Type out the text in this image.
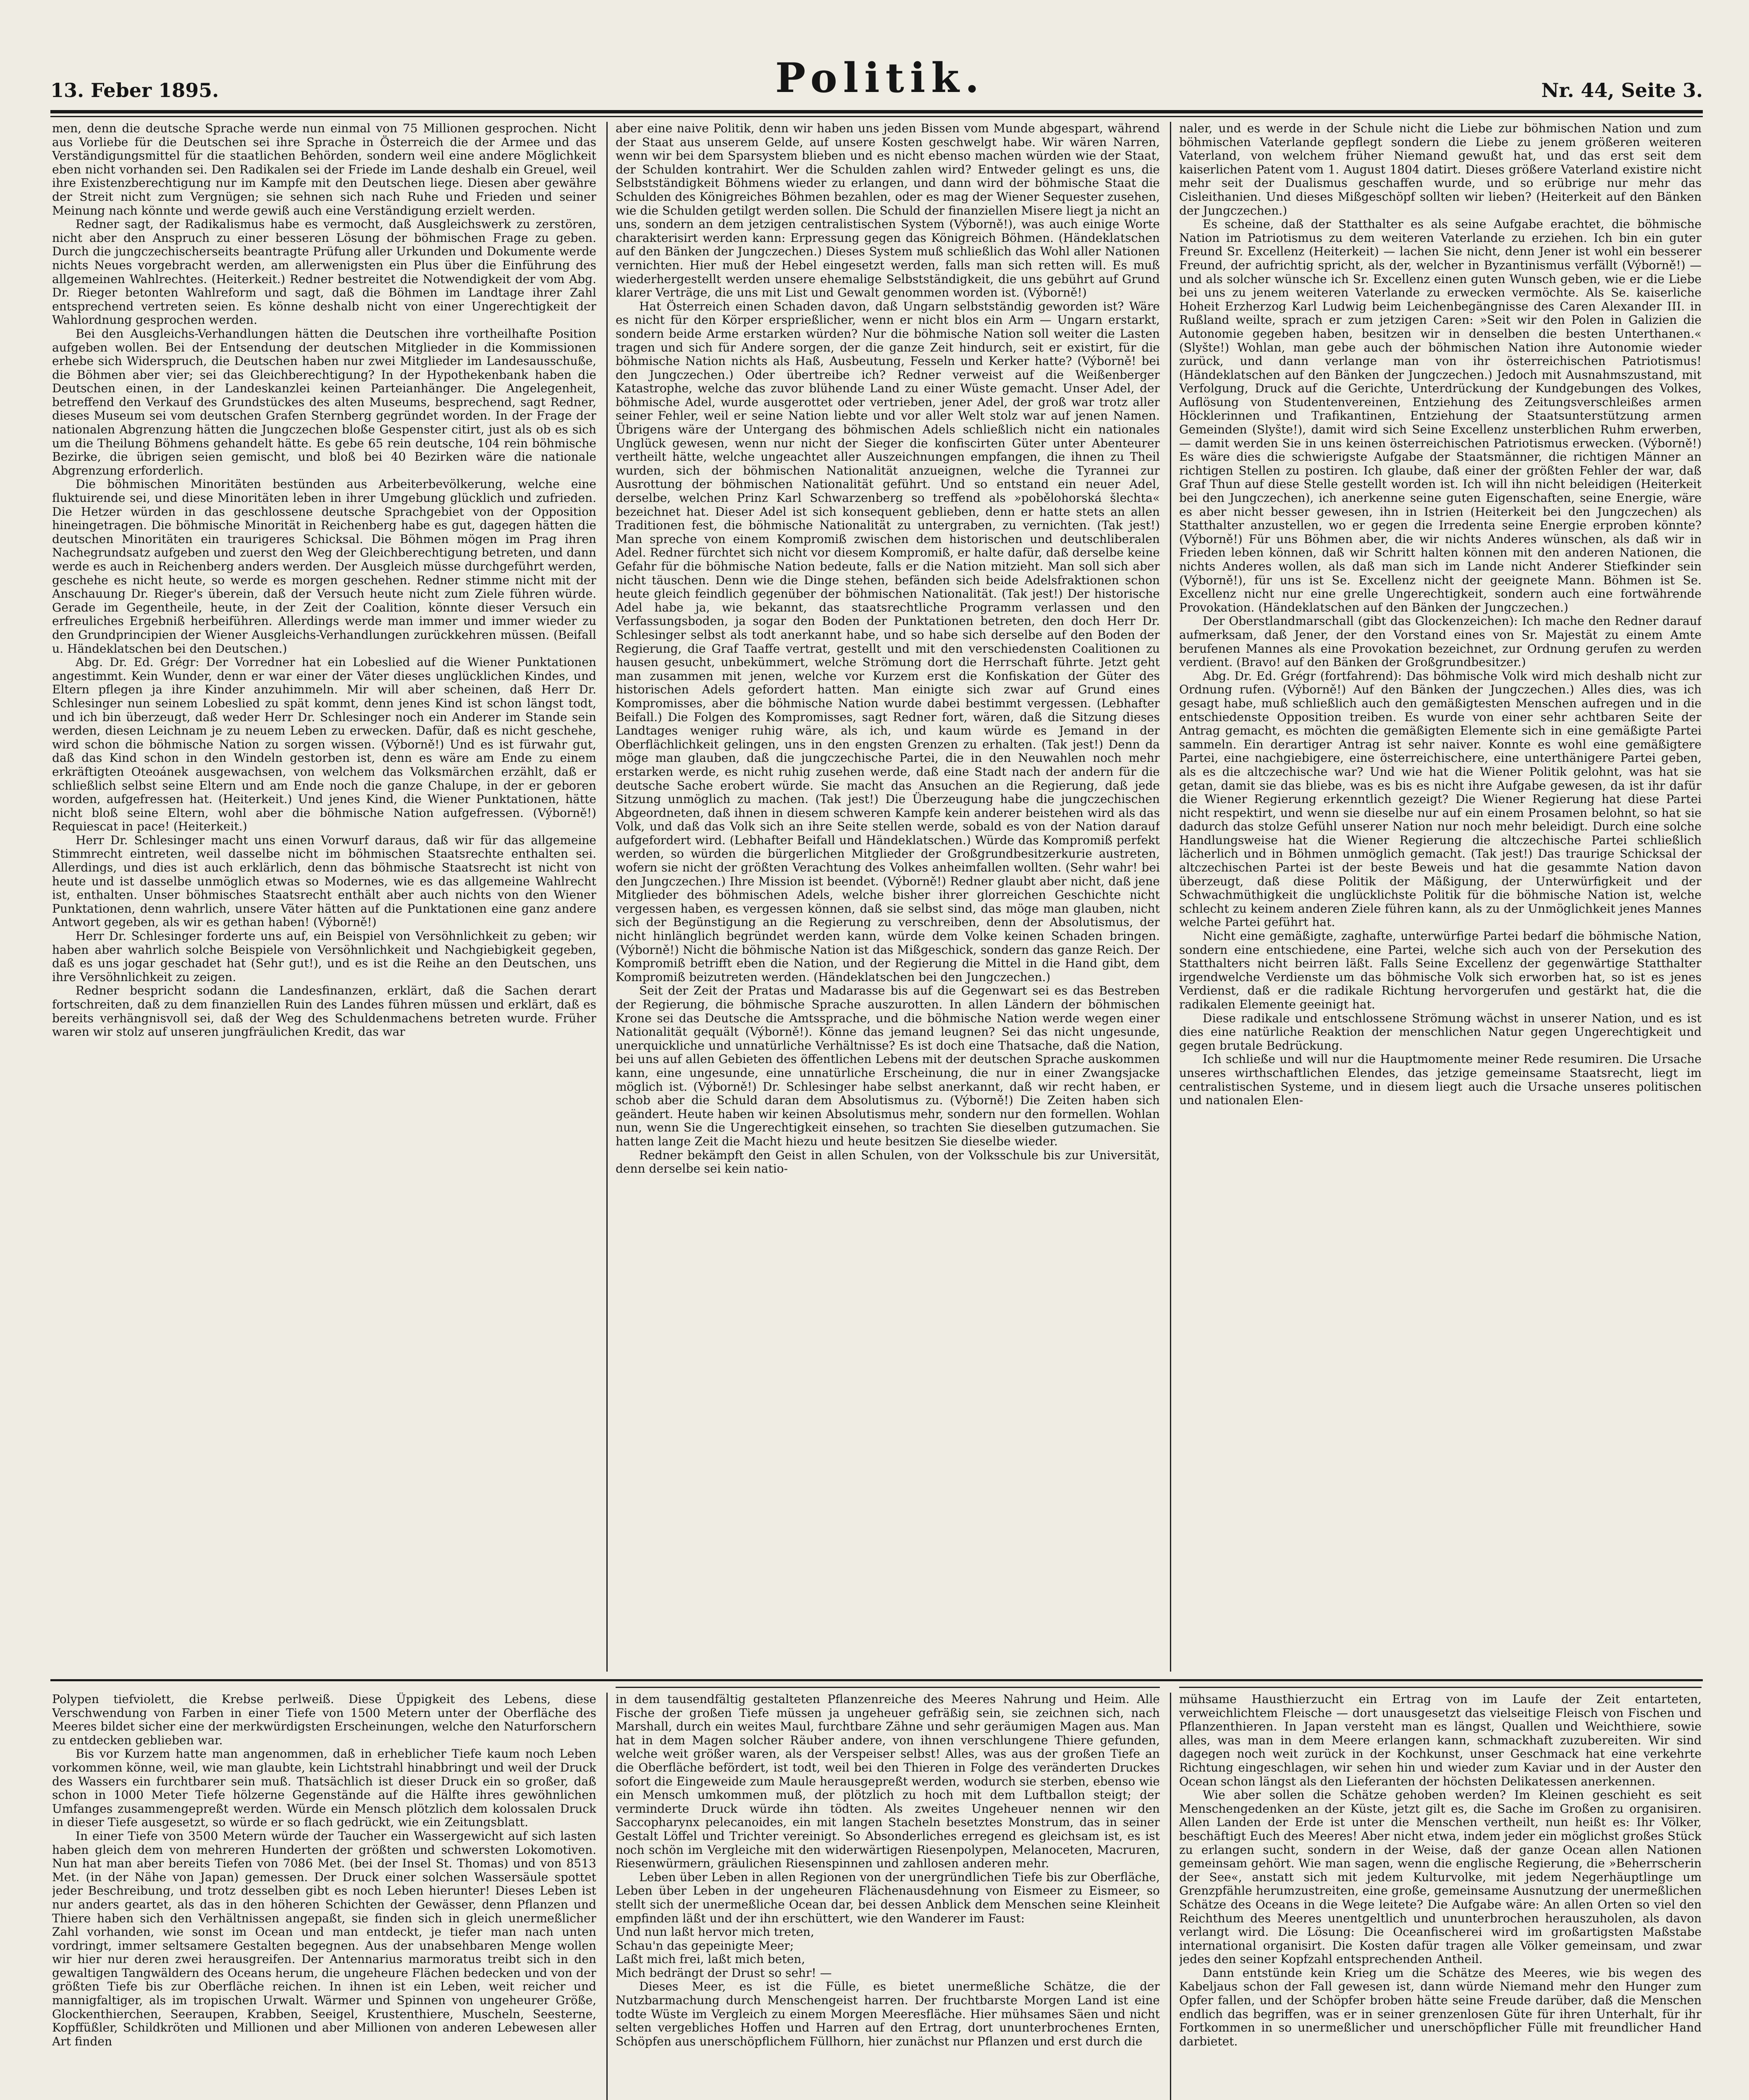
13. Feber 1895.	Politik.	Nr. 44, Seite 3.

men, denn die deutsche Sprache werde nun einmal von 75 Millionen gesprochen. Nicht aus Vorliebe für die Deutschen sei ihre Sprache in Österreich die der Armee und das Verständigungsmittel für die staatlichen Behörden, sondern weil eine andere Möglichkeit eben nicht vorhanden sei. Den Radikalen sei der Friede im Lande deshalb ein Greuel, weil ihre Existenzberechtigung nur im Kampfe mit den Deutschen liege. Diesen aber gewähre der Streit nicht zum Vergnügen; sie sehnen sich nach Ruhe und Frieden und seiner Meinung nach könnte und werde gewiß auch eine Verständigung erzielt werden.

Redner sagt, der Radikalismus habe es vermocht, daß Ausgleichswerk zu zerstören, nicht aber den Anspruch zu einer besseren Lösung der böhmischen Frage zu geben. Durch die jungczechischerseits beantragte Prüfung aller Urkunden und Dokumente werde nichts Neues vorgebracht werden, am allerwenigsten ein Plus über die Einführung des allgemeinen Wahlrechtes. (Heiterkeit.) Redner bestreitet die Notwendigkeit der vom Abg. Dr. Rieger betonten Wahlreform und sagt, daß die Böhmen im Landtage ihrer Zahl entsprechend vertreten seien. Es könne deshalb nicht von einer Ungerechtigkeit der Wahlordnung gesprochen werden.

Bei den Ausgleichs-Verhandlungen hätten die Deutschen ihre vortheilhafte Position aufgeben wollen. Bei der Entsendung der deutschen Mitglieder in die Kommissionen erhebe sich Widerspruch, die Deutschen haben nur zwei Mitglieder im Landesausschuße, die Böhmen aber vier; sei das Gleichberechtigung? In der Hypothekenbank haben die Deutschen einen, in der Landeskanzlei keinen Parteianhänger. Die Angelegenheit, betreffend den Verkauf des Grundstückes des alten Museums, besprechend, sagt Redner, dieses Museum sei vom deutschen Grafen Sternberg gegründet worden. In der Frage der nationalen Abgrenzung hätten die Jungczechen bloße Gespenster citirt, just als ob es sich um die Theilung Böhmens gehandelt hätte. Es gebe 65 rein deutsche, 104 rein böhmische Bezirke, die übrigen seien gemischt, und bloß bei 40 Bezirken wäre die nationale Abgrenzung erforderlich.

Die böhmischen Minoritäten bestünden aus Arbeiterbevölkerung, welche eine fluktuirende sei, und diese Minoritäten leben in ihrer Umgebung glücklich und zufrieden. Die Hetzer würden in das geschlossene deutsche Sprachgebiet von der Opposition hineingetragen. Die böhmische Minorität in Reichenberg habe es gut, dagegen hätten die deutschen Minoritäten ein traurigeres Schicksal. Die Böhmen mögen im Prag ihren Nachegrundsatz aufgeben und zuerst den Weg der Gleichberechtigung betreten, und dann werde es auch in Reichenberg anders werden. Der Ausgleich müsse durchgeführt werden, geschehe es nicht heute, so werde es morgen geschehen. Redner stimme nicht mit der Anschauung Dr. Rieger's überein, daß der Versuch heute nicht zum Ziele führen würde. Gerade im Gegentheile, heute, in der Zeit der Coalition, könnte dieser Versuch ein erfreuliches Ergebniß herbeiführen. Allerdings werde man immer und immer wieder zu den Grundprincipien der Wiener Ausgleichs-Verhandlungen zurückkehren müssen. (Beifall u. Händeklatschen bei den Deutschen.)

Abg. Dr. Ed. Grégr: Der Vorredner hat ein Lobeslied auf die Wiener Punktationen angestimmt. Kein Wunder, denn er war einer der Väter dieses unglücklichen Kindes, und Eltern pflegen ja ihre Kinder anzuhimmeln. Mir will aber scheinen, daß Herr Dr. Schlesinger nun seinem Lobeslied zu spät kommt, denn jenes Kind ist schon längst todt, und ich bin überzeugt, daß weder Herr Dr. Schlesinger noch ein Anderer im Stande sein werden, diesen Leichnam je zu neuem Leben zu erwecken. Dafür, daß es nicht geschehe, wird schon die böhmische Nation zu sorgen wissen. (Výborně!) Und es ist fürwahr gut, daß das Kind schon in den Windeln gestorben ist, denn es wäre am Ende zu einem erkräftigten Oteoánek ausgewachsen, von welchem das Volksmärchen erzählt, daß er schließlich selbst seine Eltern und am Ende noch die ganze Chalupe, in der er geboren worden, aufgefressen hat. (Heiterkeit.) Und jenes Kind, die Wiener Punktationen, hätte nicht bloß seine Eltern, wohl aber die böhmische Nation aufgefressen. (Výborně!) Requiescat in pace! (Heiterkeit.)

Herr Dr. Schlesinger macht uns einen Vorwurf daraus, daß wir für das allgemeine Stimmrecht eintreten, weil dasselbe nicht im böhmischen Staatsrechte enthalten sei. Allerdings, und dies ist auch erklärlich, denn das böhmische Staatsrecht ist nicht von heute und ist dasselbe unmöglich etwas so Modernes, wie es das allgemeine Wahlrecht ist, enthalten. Unser böhmisches Staatsrecht enthält aber auch nichts von den Wiener Punktationen, denn wahrlich, unsere Väter hätten auf die Punktationen eine ganz andere Antwort gegeben, als wir es gethan haben! (Výborně!)

Herr Dr. Schlesinger forderte uns auf, ein Beispiel von Versöhnlichkeit zu geben; wir haben aber wahrlich solche Beispiele von Versöhnlichkeit und Nachgiebigkeit gegeben, daß es uns jogar geschadet hat (Sehr gut!), und es ist die Reihe an den Deutschen, uns ihre Versöhnlichkeit zu zeigen.

Redner bespricht sodann die Landesfinanzen, erklärt, daß die Sachen derart fortschreiten, daß zu dem finanziellen Ruin des Landes führen müssen und erklärt, daß es bereits verhängnisvoll sei, daß der Weg des Schuldenmachens betreten wurde. Früher waren wir stolz auf unseren jungfräulichen Kredit, das war

aber eine naive Politik, denn wir haben uns jeden Bissen vom Munde abgespart, während der Staat aus unserem Gelde, auf unsere Kosten geschwelgt habe. Wir wären Narren, wenn wir bei dem Sparsystem blieben und es nicht ebenso machen würden wie der Staat, der Schulden kontrahirt. Wer die Schulden zahlen wird? Entweder gelingt es uns, die Selbstständigkeit Böhmens wieder zu erlangen, und dann wird der böhmische Staat die Schulden des Königreiches Böhmen bezahlen, oder es mag der Wiener Sequester zusehen, wie die Schulden getilgt werden sollen. Die Schuld der finanziellen Misere liegt ja nicht an uns, sondern an dem jetzigen centralistischen System (Výborně!), was auch einige Worte charakterisirt werden kann: Erpressung gegen das Königreich Böhmen. (Händeklatschen auf den Bänken der Jungczechen.) Dieses System muß schließlich das Wohl aller Nationen vernichten. Hier muß der Hebel eingesetzt werden, falls man sich retten will. Es muß wiederhergestellt werden unsere ehemalige Selbstständigkeit, die uns gebührt auf Grund klarer Verträge, die uns mit List und Gewalt genommen worden ist. (Výborně!)

Hat Österreich einen Schaden davon, daß Ungarn selbstständig geworden ist? Wäre es nicht für den Körper ersprießlicher, wenn er nicht blos ein Arm — Ungarn erstarkt, sondern beide Arme erstarken würden? Nur die böhmische Nation soll weiter die Lasten tragen und sich für Andere sorgen, der die ganze Zeit hindurch, seit er existirt, für die böhmische Nation nichts als Haß, Ausbeutung, Fesseln und Kerker hatte? (Výborně! bei den Jungczechen.) Oder übertreibe ich? Redner verweist auf die Weißenberger Katastrophe, welche das zuvor blühende Land zu einer Wüste gemacht. Unser Adel, der böhmische Adel, wurde ausgerottet oder vertrieben, jener Adel, der groß war trotz aller seiner Fehler, weil er seine Nation liebte und vor aller Welt stolz war auf jenen Namen. Übrigens wäre der Untergang des böhmischen Adels schließlich nicht ein nationales Unglück gewesen, wenn nur nicht der Sieger die konfiscirten Güter unter Abenteurer vertheilt hätte, welche ungeachtet aller Auszeichnungen empfangen, die ihnen zu Theil wurden, sich der böhmischen Nationalität anzueignen, welche die Tyrannei zur Ausrottung der böhmischen Nationalität geführt. Und so entstand ein neuer Adel, derselbe, welchen Prinz Karl Schwarzenberg so treffend als »pobělohorská šlechta« bezeichnet hat. Dieser Adel ist sich konsequent geblieben, denn er hatte stets an allen Traditionen fest, die böhmische Nationalität zu untergraben, zu vernichten. (Tak jest!) Man spreche von einem Kompromiß zwischen dem historischen und deutschliberalen Adel. Redner fürchtet sich nicht vor diesem Kompromiß, er halte dafür, daß derselbe keine Gefahr für die böhmische Nation bedeute, falls er die Nation mitzieht. Man soll sich aber nicht täuschen. Denn wie die Dinge stehen, befänden sich beide Adelsfraktionen schon heute gleich feindlich gegenüber der böhmischen Nationalität. (Tak jest!) Der historische Adel habe ja, wie bekannt, das staatsrechtliche Programm verlassen und den Verfassungsboden, ja sogar den Boden der Punktationen betreten, den doch Herr Dr. Schlesinger selbst als todt anerkannt habe, und so habe sich derselbe auf den Boden der Regierung, die Graf Taaffe vertrat, gestellt und mit den verschiedensten Coalitionen zu hausen gesucht, unbekümmert, welche Strömung dort die Herrschaft führte. Jetzt geht man zusammen mit jenen, welche vor Kurzem erst die Konfiskation der Güter des historischen Adels gefordert hatten. Man einigte sich zwar auf Grund eines Kompromisses, aber die böhmische Nation wurde dabei bestimmt vergessen. (Lebhafter Beifall.) Die Folgen des Kompromisses, sagt Redner fort, wären, daß die Sitzung dieses Landtages weniger ruhig wäre, als ich, und kaum würde es Jemand in der Oberflächlichkeit gelingen, uns in den engsten Grenzen zu erhalten. (Tak jest!) Denn da möge man glauben, daß die jungczechische Partei, die in den Neuwahlen noch mehr erstarken werde, es nicht ruhig zusehen werde, daß eine Stadt nach der andern für die deutsche Sache erobert würde. Sie macht das Ansuchen an die Regierung, daß jede Sitzung unmöglich zu machen. (Tak jest!) Die Überzeugung habe die jungczechischen Abgeordneten, daß ihnen in diesem schweren Kampfe kein anderer beistehen wird als das Volk, und daß das Volk sich an ihre Seite stellen werde, sobald es von der Nation darauf aufgefordert wird. (Lebhafter Beifall und Händeklatschen.) Würde das Kompromiß perfekt werden, so würden die bürgerlichen Mitglieder der Großgrundbesitzerkurie austreten, wofern sie nicht der größten Verachtung des Volkes anheimfallen wollten. (Sehr wahr! bei den Jungczechen.) Ihre Mission ist beendet. (Výborně!) Redner glaubt aber nicht, daß jene Mitglieder des böhmischen Adels, welche bisher ihrer glorreichen Geschichte nicht vergessen haben, es vergessen können, daß sie selbst sind, das möge man glauben, nicht sich der Begünstigung an die Regierung zu verschreiben, denn der Absolutismus, der nicht hinlänglich begründet werden kann, würde dem Volke keinen Schaden bringen. (Výborně!) Nicht die böhmische Nation ist das Mißgeschick, sondern das ganze Reich. Der Kompromiß betrifft eben die Nation, und der Regierung die Mittel in die Hand gibt, dem Kompromiß beizutreten werden. (Händeklatschen bei den Jungczechen.)

Seit der Zeit der Pratas und Madarasse bis auf die Gegenwart sei es das Bestreben der Regierung, die böhmische Sprache auszurotten. In allen Ländern der böhmischen Krone sei das Deutsche die Amtssprache, und die böhmische Nation werde wegen einer Nationalität gequält (Výborně!). Könne das jemand leugnen? Sei das nicht ungesunde, unerquickliche und unnatürliche Verhältnisse? Es ist doch eine Thatsache, daß die Nation, bei uns auf allen Gebieten des öffentlichen Lebens mit der deutschen Sprache auskommen kann, eine ungesunde, eine unnatürliche Erscheinung, die nur in einer Zwangsjacke möglich ist. (Výborně!) Dr. Schlesinger habe selbst anerkannt, daß wir recht haben, er schob aber die Schuld daran dem Absolutismus zu. (Výborně!) Die Zeiten haben sich geändert. Heute haben wir keinen Absolutismus mehr, sondern nur den formellen. Wohlan nun, wenn Sie die Ungerechtigkeit einsehen, so trachten Sie dieselben gutzumachen. Sie hatten lange Zeit die Macht hiezu und heute besitzen Sie dieselbe wieder.

Redner bekämpft den Geist in allen Schulen, von der Volksschule bis zur Universität, denn derselbe sei kein natio-

naler, und es werde in der Schule nicht die Liebe zur böhmischen Nation und zum böhmischen Vaterlande gepflegt sondern die Liebe zu jenem größeren weiteren Vaterland, von welchem früher Niemand gewußt hat, und das erst seit dem kaiserlichen Patent vom 1. August 1804 datirt. Dieses größere Vaterland existire nicht mehr seit der Dualismus geschaffen wurde, und so erübrige nur mehr das Cisleithanien. Und dieses Mißgeschöpf sollten wir lieben? (Heiterkeit auf den Bänken der Jungczechen.)

Es scheine, daß der Statthalter es als seine Aufgabe erachtet, die böhmische Nation im Patriotismus zu dem weiteren Vaterlande zu erziehen. Ich bin ein guter Freund Sr. Excellenz (Heiterkeit) — lachen Sie nicht, denn Jener ist wohl ein besserer Freund, der aufrichtig spricht, als der, welcher in Byzantinismus verfällt (Výborně!) — und als solcher wünsche ich Sr. Excellenz einen guten Wunsch geben, wie er die Liebe bei uns zu jenem weiteren Vaterlande zu erwecken vermöchte. Als Se. kaiserliche Hoheit Erzherzog Karl Ludwig beim Leichenbegängnisse des Caren Alexander III. in Rußland weilte, sprach er zum jetzigen Caren: »Seit wir den Polen in Galizien die Autonomie gegeben haben, besitzen wir in denselben die besten Unterthanen.« (Slyšte!) Wohlan, man gebe auch der böhmischen Nation ihre Autonomie wieder zurück, und dann verlange man von ihr österreichischen Patriotismus! (Händeklatschen auf den Bänken der Jungczechen.) Jedoch mit Ausnahmszustand, mit Verfolgung, Druck auf die Gerichte, Unterdrückung der Kundgebungen des Volkes, Auflösung von Studentenvereinen, Entziehung des Zeitungsverschleißes armen Höcklerinnen und Trafikantinen, Entziehung der Staatsunterstützung armen Gemeinden (Slyšte!), damit wird sich Seine Excellenz unsterblichen Ruhm erwerben, — damit werden Sie in uns keinen österreichischen Patriotismus erwecken. (Výborně!) Es wäre dies die schwierigste Aufgabe der Staatsmänner, die richtigen Männer an richtigen Stellen zu postiren. Ich glaube, daß einer der größten Fehler der war, daß Graf Thun auf diese Stelle gestellt worden ist. Ich will ihn nicht beleidigen (Heiterkeit bei den Jungczechen), ich anerkenne seine guten Eigenschaften, seine Energie, wäre es aber nicht besser gewesen, ihn in Istrien (Heiterkeit bei den Jungczechen) als Statthalter anzustellen, wo er gegen die Irredenta seine Energie erproben könnte? (Výborně!) Für uns Böhmen aber, die wir nichts Anderes wünschen, als daß wir in Frieden leben können, daß wir Schritt halten können mit den anderen Nationen, die nichts Anderes wollen, als daß man sich im Lande nicht Anderer Stiefkinder sein (Výborně!), für uns ist Se. Excellenz nicht der geeignete Mann. Böhmen ist Se. Excellenz nicht nur eine grelle Ungerechtigkeit, sondern auch eine fortwährende Provokation. (Händeklatschen auf den Bänken der Jungczechen.)

Der Oberstlandmarschall (gibt das Glockenzeichen): Ich mache den Redner darauf aufmerksam, daß Jener, der den Vorstand eines von Sr. Majestät zu einem Amte berufenen Mannes als eine Provokation bezeichnet, zur Ordnung gerufen zu werden verdient. (Bravo! auf den Bänken der Großgrundbesitzer.)

Abg. Dr. Ed. Grégr (fortfahrend): Das böhmische Volk wird mich deshalb nicht zur Ordnung rufen. (Výborně!) Auf den Bänken der Jungczechen.) Alles dies, was ich gesagt habe, muß schließlich auch den gemäßigtesten Menschen aufregen und in die entschiedenste Opposition treiben. Es wurde von einer sehr achtbaren Seite der Antrag gemacht, es möchten die gemäßigten Elemente sich in eine gemäßigte Partei sammeln. Ein derartiger Antrag ist sehr naiver. Konnte es wohl eine gemäßigtere Partei, eine nachgiebigere, eine österreichischere, eine unterthänigere Partei geben, als es die altczechische war? Und wie hat die Wiener Politik gelohnt, was hat sie getan, damit sie das bliebe, was es bis es nicht ihre Aufgabe gewesen, da ist ihr dafür die Wiener Regierung erkenntlich gezeigt? Die Wiener Regierung hat diese Partei nicht respektirt, und wenn sie dieselbe nur auf ein einem Prosamen belohnt, so hat sie dadurch das stolze Gefühl unserer Nation nur noch mehr beleidigt. Durch eine solche Handlungsweise hat die Wiener Regierung die altczechische Partei schließlich lächerlich und in Böhmen unmöglich gemacht. (Tak jest!) Das traurige Schicksal der altczechischen Partei ist der beste Beweis und hat die gesammte Nation davon überzeugt, daß diese Politik der Mäßigung, der Unterwürfigkeit und der Schwachmüthigkeit die unglücklichste Politik für die böhmische Nation ist, welche schlecht zu keinem anderen Ziele führen kann, als zu der Unmöglichkeit jenes Mannes welche Partei geführt hat.

Nicht eine gemäßigte, zaghafte, unterwürfige Partei bedarf die böhmische Nation, sondern eine entschiedene, eine Partei, welche sich auch von der Persekution des Statthalters nicht beirren läßt. Falls Seine Excellenz der gegenwärtige Statthalter irgendwelche Verdienste um das böhmische Volk sich erworben hat, so ist es jenes Verdienst, daß er die radikale Richtung hervorgerufen und gestärkt hat, die die radikalen Elemente geeinigt hat.

Diese radikale und entschlossene Strömung wächst in unserer Nation, und es ist dies eine natürliche Reaktion der menschlichen Natur gegen Ungerechtigkeit und gegen brutale Bedrückung.

Ich schließe und will nur die Hauptmomente meiner Rede resumiren. Die Ursache unseres wirthschaftlichen Elendes, das jetzige gemeinsame Staatsrecht, liegt im centralistischen Systeme, und in diesem liegt auch die Ursache unseres politischen und nationalen Elen-

Polypen tiefviolett, die Krebse perlweiß. Diese Üppigkeit des Lebens, diese Verschwendung von Farben in einer Tiefe von 1500 Metern unter der Oberfläche des Meeres bildet sicher eine der merkwürdigsten Erscheinungen, welche den Naturforschern zu entdecken geblieben war.

Bis vor Kurzem hatte man angenommen, daß in erheblicher Tiefe kaum noch Leben vorkommen könne, weil, wie man glaubte, kein Lichtstrahl hinabbringt und weil der Druck des Wassers ein furchtbarer sein muß. Thatsächlich ist dieser Druck ein so großer, daß schon in 1000 Meter Tiefe hölzerne Gegenstände auf die Hälfte ihres gewöhnlichen Umfanges zusammengepreßt werden. Würde ein Mensch plötzlich dem kolossalen Druck in dieser Tiefe ausgesetzt, so würde er so flach gedrückt, wie ein Zeitungsblatt.

In einer Tiefe von 3500 Metern würde der Taucher ein Wassergewicht auf sich lasten haben gleich dem von mehreren Hunderten der größten und schwersten Lokomotiven. Nun hat man aber bereits Tiefen von 7086 Met. (bei der Insel St. Thomas) und von 8513 Met. (in der Nähe von Japan) gemessen. Der Druck einer solchen Wassersäule spottet jeder Beschreibung, und trotz desselben gibt es noch Leben hierunter! Dieses Leben ist nur anders geartet, als das in den höheren Schichten der Gewässer, denn Pflanzen und Thiere haben sich den Verhältnissen angepaßt, sie finden sich in gleich unermeßlicher Zahl vorhanden, wie sonst im Ocean und man entdeckt, je tiefer man nach unten vordringt, immer seltsamere Gestalten begegnen. Aus der unabsehbaren Menge wollen wir hier nur deren zwei herausgreifen. Der Antennarius marmoratus treibt sich in den gewaltigen Tangwäldern des Oceans herum, die ungeheure Flächen bedecken und von der größten Tiefe bis zur Oberfläche reichen. In ihnen ist ein Leben, weit reicher und mannigfaltiger, als im tropischen Urwalt. Wärmer und Spinnen von ungeheurer Größe, Glockenthierchen, Seeraupen, Krabben, Seeigel, Krustenthiere, Muscheln, Seesterne, Kopffüßler, Schildkröten und Millionen und aber Millionen von anderen Lebewesen aller Art finden

in dem tausendfältig gestalteten Pflanzenreiche des Meeres Nahrung und Heim. Alle Fische der großen Tiefe müssen ja ungeheuer gefräßig sein, sie zeichnen sich, nach Marshall, durch ein weites Maul, furchtbare Zähne und sehr geräumigen Magen aus. Man hat in dem Magen solcher Räuber andere, von ihnen verschlungene Thiere gefunden, welche weit größer waren, als der Verspeiser selbst! Alles, was aus der großen Tiefe an die Oberfläche befördert, ist todt, weil bei den Thieren in Folge des veränderten Druckes sofort die Eingeweide zum Maule herausgepreßt werden, wodurch sie sterben, ebenso wie ein Mensch umkommen muß, der plötzlich zu hoch mit dem Luftballon steigt; der verminderte Druck würde ihn tödten. Als zweites Ungeheuer nennen wir den Saccopharynx pelecanoides, ein mit langen Stacheln besetztes Monstrum, das in seiner Gestalt Löffel und Trichter vereinigt. So Absonderliches erregend es gleichsam ist, es ist noch schön im Vergleiche mit den widerwärtigen Riesenpolypen, Melanoceten, Macruren, Riesenwürmern, gräulichen Riesenspinnen und zahllosen anderen mehr.

Leben über Leben in allen Regionen von der unergründlichen Tiefe bis zur Oberfläche, Leben über Leben in der ungeheuren Flächenausdehnung von Eismeer zu Eismeer, so stellt sich der unermeßliche Ocean dar, bei dessen Anblick dem Menschen seine Kleinheit empfinden läßt und der ihn erschüttert, wie den Wanderer im Faust:

Und nun laßt hervor mich treten,
Schau'n das gepeinigte Meer;
Laßt mich frei, laßt mich beten,
Mich bedrängt der Drust so sehr! —

Dieses Meer, es ist die Fülle, es bietet unermeßliche Schätze, die der Nutzbarmachung durch Menschengeist harren. Der fruchtbarste Morgen Land ist eine todte Wüste im Vergleich zu einem Morgen Meeresfläche. Hier mühsames Säen und nicht selten vergebliches Hoffen und Harren auf den Ertrag, dort ununterbrochenes Ernten, Schöpfen aus unerschöpflichem Füllhorn, hier zunächst nur Pflanzen und erst durch die

mühsame Hausthierzucht ein Ertrag von im Laufe der Zeit entarteten, verweichlichtem Fleische — dort unausgesetzt das vielseitige Fleisch von Fischen und Pflanzenthieren. In Japan versteht man es längst, Quallen und Weichthiere, sowie alles, was man in dem Meere erlangen kann, schmackhaft zuzubereiten. Wir sind dagegen noch weit zurück in der Kochkunst, unser Geschmack hat eine verkehrte Richtung eingeschlagen, wir sehen hin und wieder zum Kaviar und in der Auster den Ocean schon längst als den Lieferanten der höchsten Delikatessen anerkennen.

Wie aber sollen die Schätze gehoben werden? Im Kleinen geschieht es seit Menschengedenken an der Küste, jetzt gilt es, die Sache im Großen zu organisiren. Allen Landen der Erde ist unter die Menschen vertheilt, nun heißt es: Ihr Völker, beschäftigt Euch des Meeres! Aber nicht etwa, indem jeder ein möglichst großes Stück zu erlangen sucht, sondern in der Weise, daß der ganze Ocean allen Nationen gemeinsam gehört. Wie man sagen, wenn die englische Regierung, die »Beherrscherin der See«, anstatt sich mit jedem Kulturvolke, mit jedem Negerhäuptlinge um Grenzpfähle herumzustreiten, eine große, gemeinsame Ausnutzung der unermeßlichen Schätze des Oceans in die Wege leitete? Die Aufgabe wäre: An allen Orten so viel den Reichthum des Meeres unentgeltlich und ununterbrochen herauszuholen, als davon verlangt wird. Die Lösung: Die Oceanfischerei wird im großartigsten Maßstabe international organisirt. Die Kosten dafür tragen alle Völker gemeinsam, und zwar jedes den seiner Kopfzahl entsprechenden Antheil.

Dann entstünde kein Krieg um die Schätze des Meeres, wie bis wegen des Kabeljaus schon der Fall gewesen ist, dann würde Niemand mehr den Hunger zum Opfer fallen, und der Schöpfer broben hätte seine Freude darüber, daß die Menschen endlich das begriffen, was er in seiner grenzenlosen Güte für ihren Unterhalt, für ihr Fortkommen in so unermeßlicher und unerschöpflicher Fülle mit freundlicher Hand darbietet.
